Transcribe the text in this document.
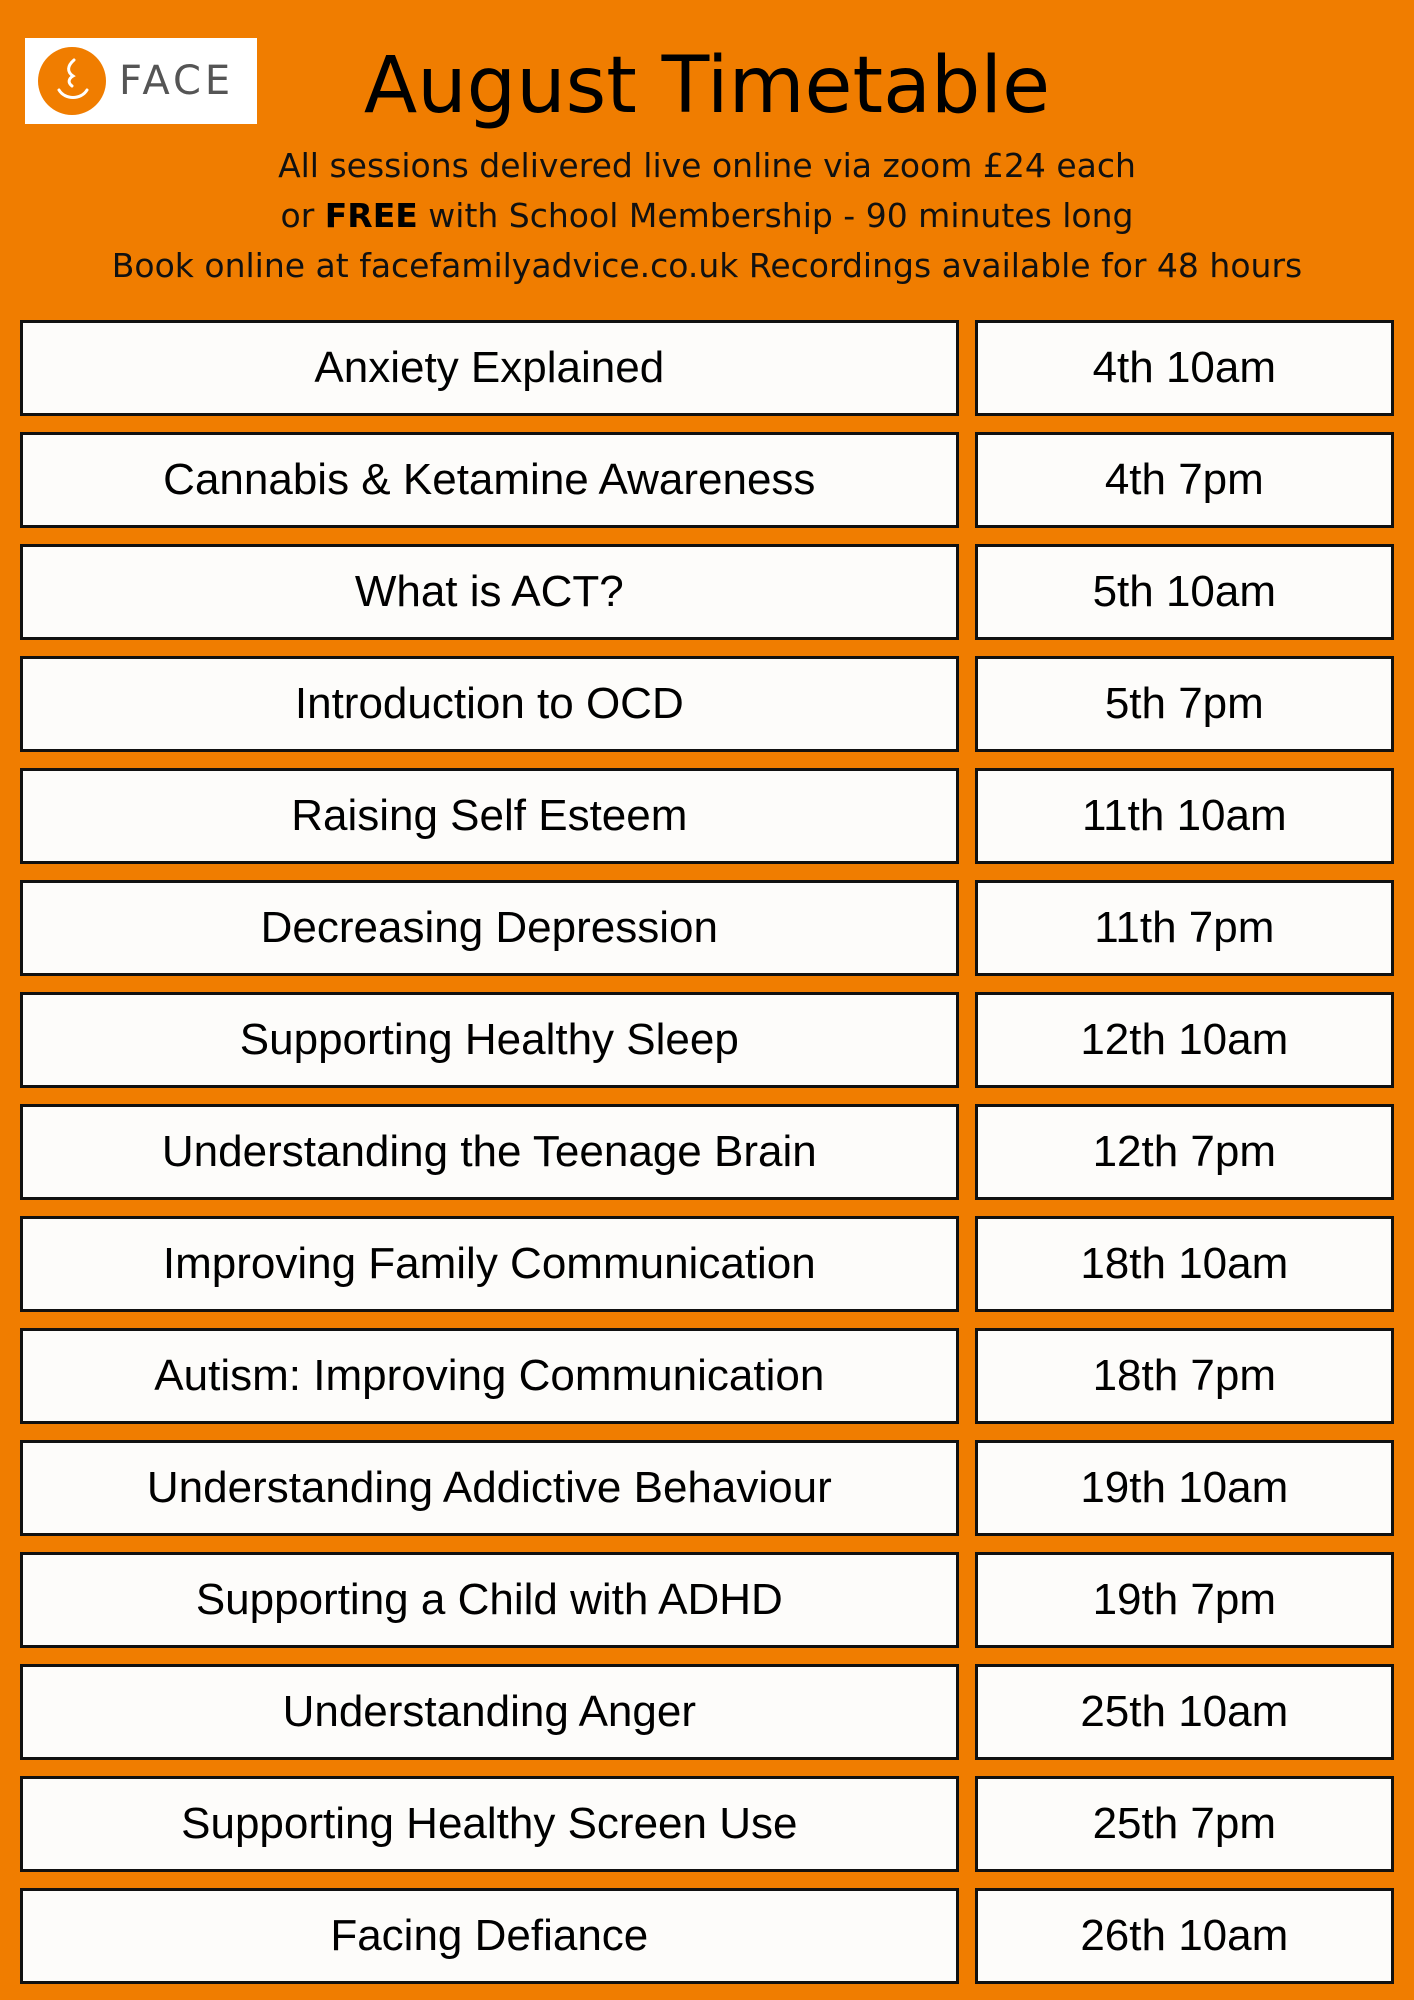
FACE	August Timetable

All sessions delivered live online via zoom £24 each

or FREE with School Membership - 90 minutes long

Book online at facefamilyadvice.co.uk Recordings available for 48 hours

Anxiety Explained	4th 10am
Cannabis & Ketamine Awareness	4th 7pm
What is ACT?	5th 10am
Introduction to OCD	5th 7pm
Raising Self Esteem	11th 10am
Decreasing Depression	11th 7pm
Supporting Healthy Sleep	12th 10am
Understanding the Teenage Brain	12th 7pm
Improving Family Communication	18th 10am
Autism: Improving Communication	18th 7pm
Understanding Addictive Behaviour	19th 10am
Supporting a Child with ADHD	19th 7pm
Understanding Anger	25th 10am
Supporting Healthy Screen Use	25th 7pm
Facing Defiance	26th 10am
